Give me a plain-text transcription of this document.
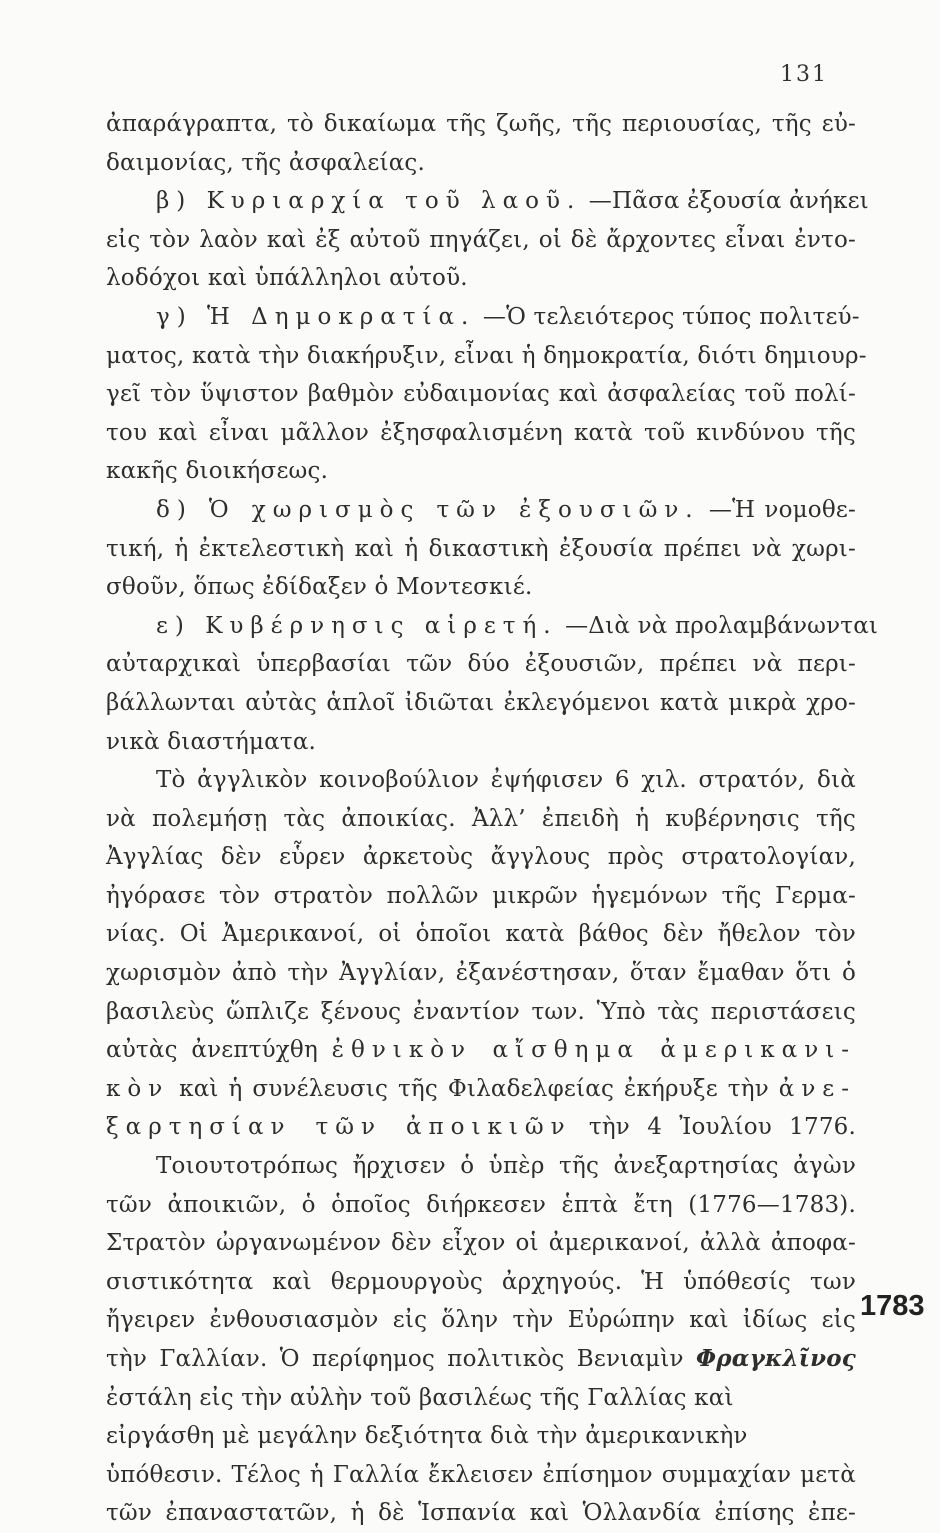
131
ἀπαράγραπτα, τὸ δικαίωμα τῆς ζωῆς, τῆς περιουσίας, τῆς εὐ-
δαιμονίας, τῆς ἀσφαλείας.
β) Κυριαρχία τοῦ λαοῦ. —Πᾶσα ἐξουσία ἀνήκει
εἰς τὸν λαὸν καὶ ἐξ αὐτοῦ πηγάζει, οἱ δὲ ἄρχοντες εἶναι ἐντο-
λοδόχοι καὶ ὑπάλληλοι αὐτοῦ.
γ) Ἡ Δημοκρατία. —Ὁ τελειότερος τύπος πολιτεύ-
ματος, κατὰ τὴν διακήρυξιν, εἶναι ἡ δημοκρατία, διότι δημιουρ-
γεῖ τὸν ὕψιστον βαθμὸν εὐδαιμονίας καὶ ἀσφαλείας τοῦ πολί-
του καὶ εἶναι μᾶλλον ἐξησφαλισμένη κατὰ τοῦ κινδύνου τῆς
κακῆς διοικήσεως.
δ) Ὁ χωρισμὸς τῶν ἐξουσιῶν. —Ἡ νομοθε-
τική, ἡ ἐκτελεστικὴ καὶ ἡ δικαστικὴ ἐξουσία πρέπει νὰ χωρι-
σθοῦν, ὅπως ἐδίδαξεν ὁ Μοντεσκιέ.
ε) Κυβέρνησις αἱρετή. —Διὰ νὰ προλαμβάνωνται
αὐταρχικαὶ ὑπερβασίαι τῶν δύο ἐξουσιῶν, πρέπει νὰ περι-
βάλλωνται αὐτὰς ἁπλοῖ ἰδιῶται ἐκλεγόμενοι κατὰ μικρὰ χρο-
νικὰ διαστήματα.
Τὸ ἀγγλικὸν κοινοβούλιον ἐψήφισεν 6 χιλ. στρατόν, διὰ
νὰ πολεμήσῃ τὰς ἀποικίας. Ἀλλ’ ἐπειδὴ ἡ κυβέρνησις τῆς
Ἀγγλίας δὲν εὗρεν ἀρκετοὺς ἄγγλους πρὸς στρατολογίαν,
ἠγόρασε τὸν στρατὸν πολλῶν μικρῶν ἡγεμόνων τῆς Γερμα-
νίας. Οἱ Ἀμερικανοί, οἱ ὁποῖοι κατὰ βάθος δὲν ἤθελον τὸν
χωρισμὸν ἀπὸ τὴν Ἀγγλίαν, ἐξανέστησαν, ὅταν ἔμαθαν ὅτι ὁ
βασιλεὺς ὥπλιζε ξένους ἐναντίον των. Ὑπὸ τὰς περιστάσεις
αὐτὰς ἀνεπτύχθη ἐθνικὸν αἴσθημα ἀμερικανι-
κὸν καὶ ἡ συνέλευσις τῆς Φιλαδελφείας ἐκήρυξε τὴν ἀνε-
ξαρτησίαν τῶν ἀποικιῶν τὴν 4 Ἰουλίου 1776.
Τοιουτοτρόπως ἤρχισεν ὁ ὑπὲρ τῆς ἀνεξαρτησίας ἀγὼν
τῶν ἀποικιῶν, ὁ ὁποῖος διήρκεσεν ἑπτὰ ἔτη (1776—1783).
Στρατὸν ὠργανωμένον δὲν εἶχον οἱ ἀμερικανοί, ἀλλὰ ἀποφα-
σιστικότητα καὶ θερμουργοὺς ἀρχηγούς. Ἡ ὑπόθεσίς των
ἤγειρεν ἐνθουσιασμὸν εἰς ὅλην τὴν Εὐρώπην καὶ ἰδίως εἰς
τὴν Γαλλίαν. Ὁ περίφημος πολιτικὸς Βενιαμὶν Φραγκλῖνος
ἐστάλη εἰς τὴν αὐλὴν τοῦ βασιλέως τῆς Γαλλίας καὶ
εἰργάσθη μὲ μεγάλην δεξιότητα διὰ τὴν ἀμερικανικὴν
ὑπόθεσιν. Τέλος ἡ Γαλλία ἔκλεισεν ἐπίσημον συμμαχίαν μετὰ
τῶν ἐπαναστατῶν, ἡ δὲ Ἱσπανία καὶ Ὁλλανδία ἐπίσης ἐπε-
1783
